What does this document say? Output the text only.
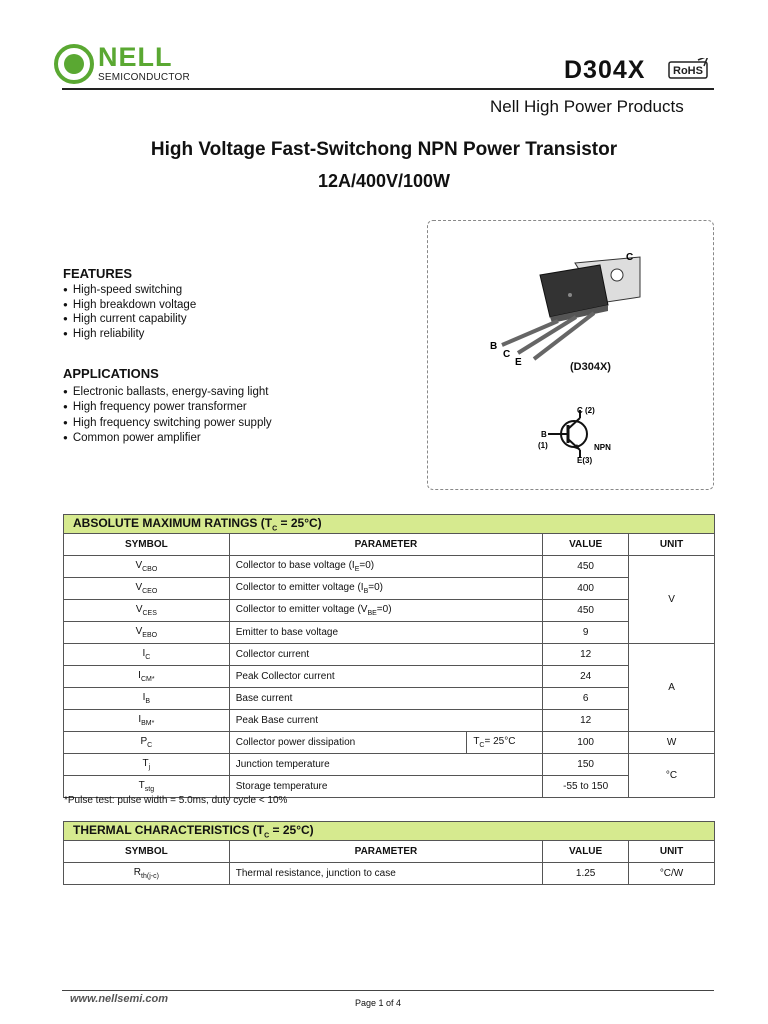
NELL
SEMICONDUCTOR	D304X	RoHS
Nell High Power Products
High Voltage Fast-Switchong NPN Power Transistor
12A/400V/100W
FEATURES
● High-speed switching
● High breakdown voltage
● High current capability
● High reliability
APPLICATIONS
● Electronic ballasts, energy-saving light
● High frequency power transformer
● High frequency switching power supply
● Common power amplifier
C
B
C
E	(D304X)
C (2)
B
(1)
E(3)
NPN
ABSOLUTE MAXIMUM RATINGS $(T_C = 25^\circ C)$				
SYMBOL	PARAMETER		VALUE	UNIT
$V_{CBO}$	Collector to base voltage $(I_E=0)$		450	V
$V_{CEO}$	Collector to emitter voltage $(I_B=0)$		400	
$V_{CES}$	Collector to emitter voltage $(V_{BE}=0)$		450	
$V_{EBO}$	Emitter to base voltage		9	
$I_C$	Collector current		12	A
$I_{CM*}$	Peak Collector current		24	
$I_B$	Base current		6	
$I_{BM*}$	Peak Base current		12	
$P_C$	Collector power dissipation	$T_C= 25^\circ C$	100	W
$T_j$	Junction temperature		150	°C
$T_{stg}$	Storage temperature		-55 to 150	
*Pulse test: pulse width = 5.0ms, duty cycle < 10%
THERMAL CHARACTERISTICS $(T_C = 25^\circ C)$			
SYMBOL	PARAMETER	VALUE	UNIT
$R_{th(j-c)}$	Thermal resistance, junction to case	1.25	°C/W
www.nellsemi.com	Page 1 of 4
